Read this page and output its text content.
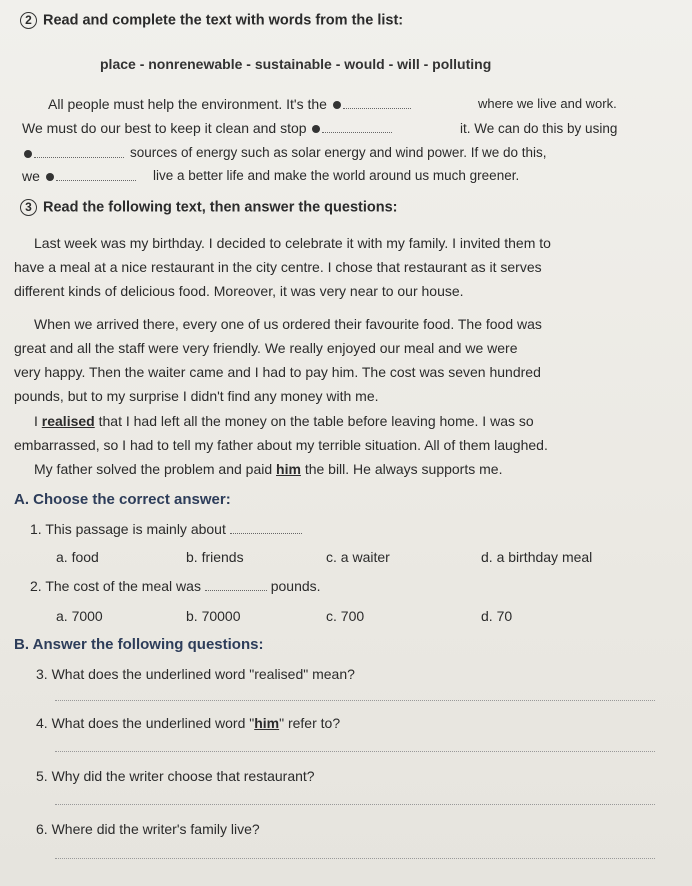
2 Read and complete the text with words from the list:
place - nonrenewable - sustainable - would - will - polluting
All people must help the environment. It's the	where we live and work.
We must do our best to keep it clean and stop	it. We can do this by using
sources of energy such as solar energy and wind power. If we do this,
we	live a better life and make the world around us much greener.
3 Read the following text, then answer the questions:
Last week was my birthday. I decided to celebrate it with my family. I invited them to
have a meal at a nice restaurant in the city centre. I chose that restaurant as it serves
different kinds of delicious food. Moreover, it was very near to our house.
When we arrived there, every one of us ordered their favourite food. The food was
great and all the staff were very friendly. We really enjoyed our meal and we were
very happy. Then the waiter came and I had to pay him. The cost was seven hundred
pounds, but to my surprise I didn't find any money with me.
I realised that I had left all the money on the table before leaving home. I was so
embarrassed, so I had to tell my father about my terrible situation. All of them laughed.
My father solved the problem and paid him the bill. He always supports me.
A. Choose the correct answer:
1. This passage is mainly about
a. food	b. friends	c. a waiter	d. a birthday meal
2. The cost of the meal was	pounds.
a. 7000	b. 70000	c. 700	d. 70
B. Answer the following questions:
3. What does the underlined word "realised" mean?
4. What does the underlined word "him" refer to?
5. Why did the writer choose that restaurant?
6. Where did the writer's family live?
